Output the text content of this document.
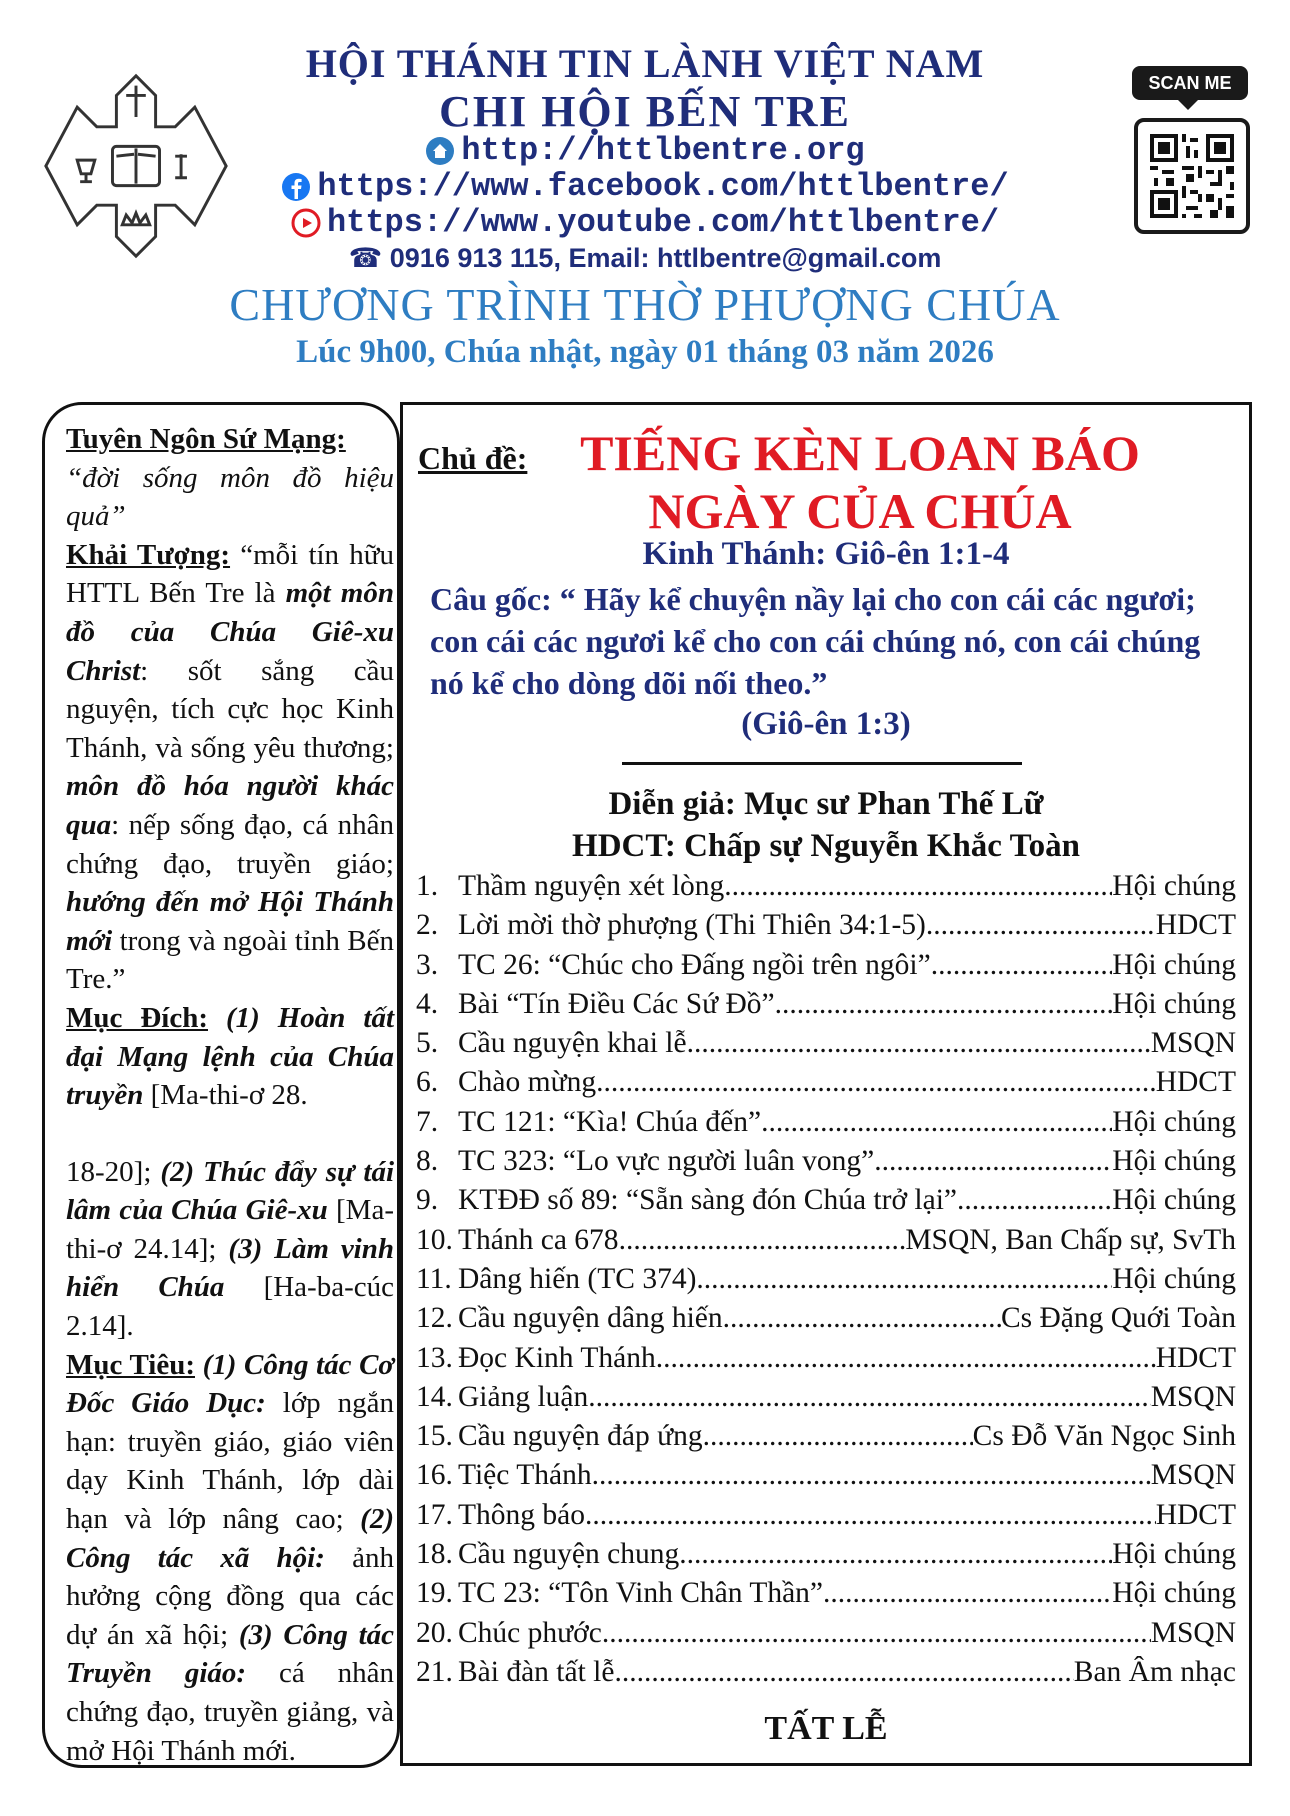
HỘI THÁNH TIN LÀNH VIỆT NAM
CHI HỘI BẾN TRE
http://httlbentre.org
https://www.facebook.com/httlbentre/
https://www.youtube.com/httlbentre/
☎ 0916 913 115, Email: httlbentre@gmail.com
CHƯƠNG TRÌNH THỜ PHƯỢNG CHÚA
Lúc 9h00, Chúa nhật, ngày 01 tháng 03 năm 2026
SCAN ME

Tuyên Ngôn Sứ Mạng:

“đời sống môn đồ hiệu quả”

Khải Tượng: “mỗi tín hữu HTTL Bến Tre là một môn đồ của Chúa Giê-xu Christ: sốt sắng cầu nguyện, tích cực học Kinh Thánh, và sống yêu thương; môn đồ hóa người khác qua: nếp sống đạo, cá nhân chứng đạo, truyền giáo; hướng đến mở Hội Thánh mới trong và ngoài tỉnh Bến Tre.”

Mục Đích: (1) Hoàn tất đại Mạng lệnh của Chúa truyền [Ma-thi-ơ 28.

18-20]; (2) Thúc đẩy sự tái lâm của Chúa Giê-xu [Ma-thi-ơ 24.14]; (3) Làm vinh hiển Chúa [Ha-ba-cúc 2.14].

Mục Tiêu: (1) Công tác Cơ Đốc Giáo Dục: lớp ngắn hạn: truyền giáo, giáo viên dạy Kinh Thánh, lớp dài hạn và lớp nâng cao; (2) Công tác xã hội: ảnh hưởng cộng đồng qua các dự án xã hội; (3) Công tác Truyền giáo: cá nhân chứng đạo, truyền giảng, và mở Hội Thánh mới.

Chủ đề:	TIẾNG KÈN LOAN BÁO
NGÀY CỦA CHÚA
Kinh Thánh: Giô-ên 1:1-4
Câu gốc: “ Hãy kể chuyện nầy lại cho con cái các ngươi; con cái các ngươi kể cho con cái chúng nó, con cái chúng nó kể cho dòng dõi nối theo.”
(Giô-ên 1:3)
Diễn giả: Mục sư Phan Thế Lữ
HDCT: Chấp sự Nguyễn Khắc Toàn
1. Thầm nguyện xét lòng .....	Hội chúng
2. Lời mời thờ phượng (Thi Thiên 34:1-5) .....	HDCT
3. TC 26: “Chúc cho Đấng ngồi trên ngôi” .....	Hội chúng
4. Bài “Tín Điều Các Sứ Đồ” .....	Hội chúng
5. Cầu nguyện khai lễ .....	MSQN
6. Chào mừng .....	HDCT
7. TC 121: “Kìa! Chúa đến” .....	Hội chúng
8. TC 323: “Lo vực người luân vong” .....	Hội chúng
9. KTĐĐ số 89: “Sẵn sàng đón Chúa trở lại” .....	Hội chúng
10. Thánh ca 678 .....	MSQN, Ban Chấp sự, SvTh
11. Dâng hiến (TC 374). .....	Hội chúng
12. Cầu nguyện dâng hiến .....	Cs Đặng Quới Toàn
13. Đọc Kinh Thánh .....	HDCT
14. Giảng luận .....	MSQN
15. Cầu nguyện đáp ứng .....	Cs Đỗ Văn Ngọc Sinh
16. Tiệc Thánh .....	MSQN
17. Thông báo .....	HDCT
18. Cầu nguyện chung .....	Hội chúng
19. TC 23: “Tôn Vinh Chân Thần” .....	Hội chúng
20. Chúc phước .....	MSQN
21. Bài đàn tất lễ .....	Ban Âm nhạc
TẤT LỄ
